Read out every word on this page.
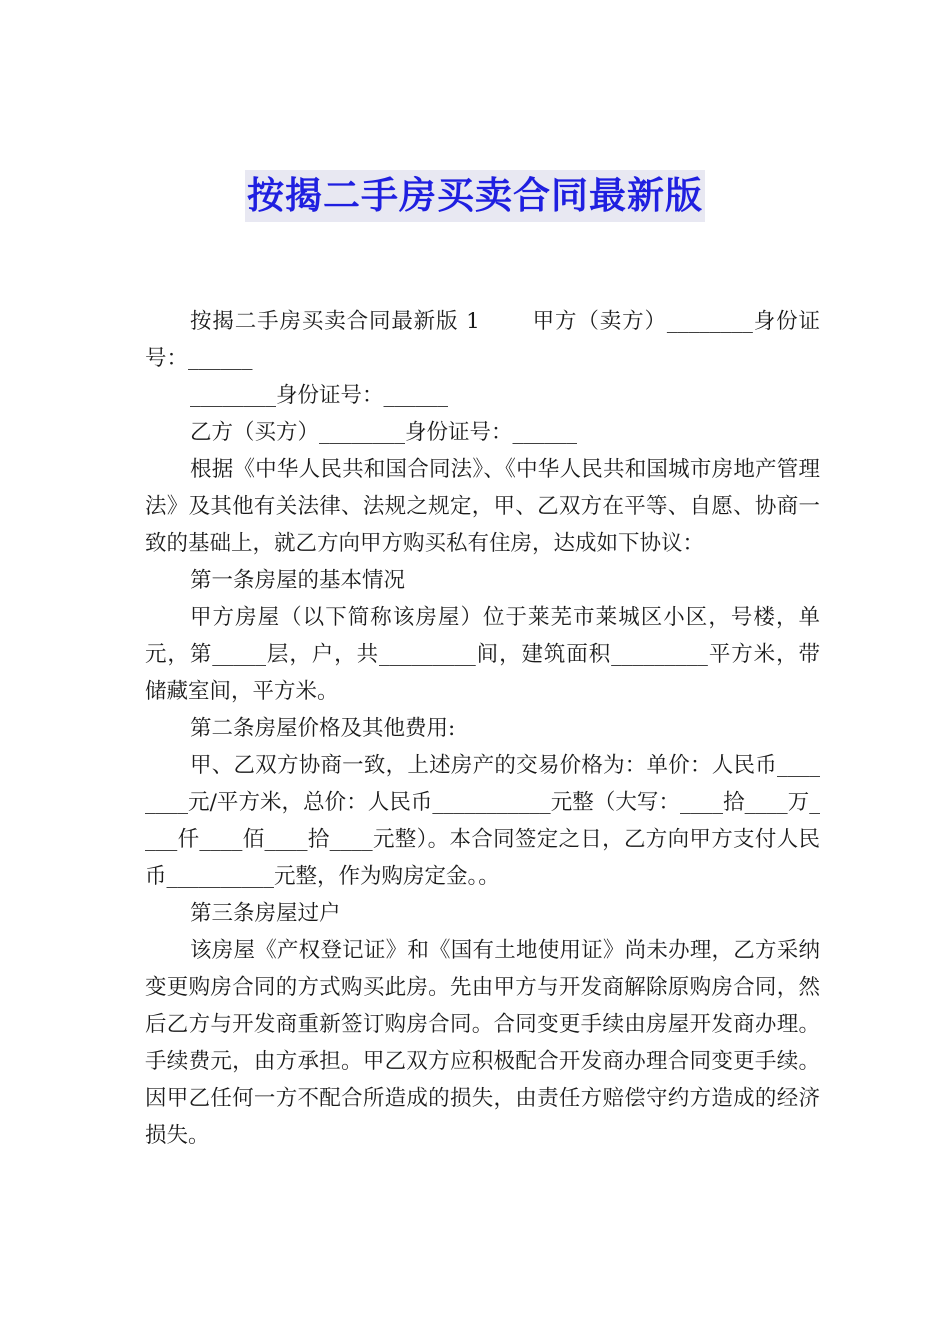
按揭二手房买卖合同最新版

按揭二手房买卖合同最新版 1 甲方（卖方）________身份证号：______

________身份证号：______

乙方（买方）________身份证号：______

根据《中华人民共和国合同法》、《中华人民共和国城市房地产管理法》及其他有关法律、法规之规定，甲、乙双方在平等、自愿、协商一致的基础上，就乙方向甲方购买私有住房，达成如下协议：

第一条房屋的基本情况

甲方房屋（以下简称该房屋）位于莱芜市莱城区小区，号楼，单元，第_____层，户，共_________间，建筑面积_________平方米，带储藏室间，平方米。

第二条房屋价格及其他费用:

甲、乙双方协商一致，上述房产的交易价格为：单价：人民币________元/平方米，总价：人民币___________元整（大写：____拾____万____仟____佰____拾____元整）。本合同签定之日，乙方向甲方支付人民币__________元整，作为购房定金。。

第三条房屋过户

该房屋《产权登记证》和《国有土地使用证》尚未办理，乙方采纳变更购房合同的方式购买此房。先由甲方与开发商解除原购房合同，然后乙方与开发商重新签订购房合同。合同变更手续由房屋开发商办理。手续费元，由方承担。甲乙双方应积极配合开发商办理合同变更手续。因甲乙任何一方不配合所造成的损失，由责任方赔偿守约方造成的经济损失。
